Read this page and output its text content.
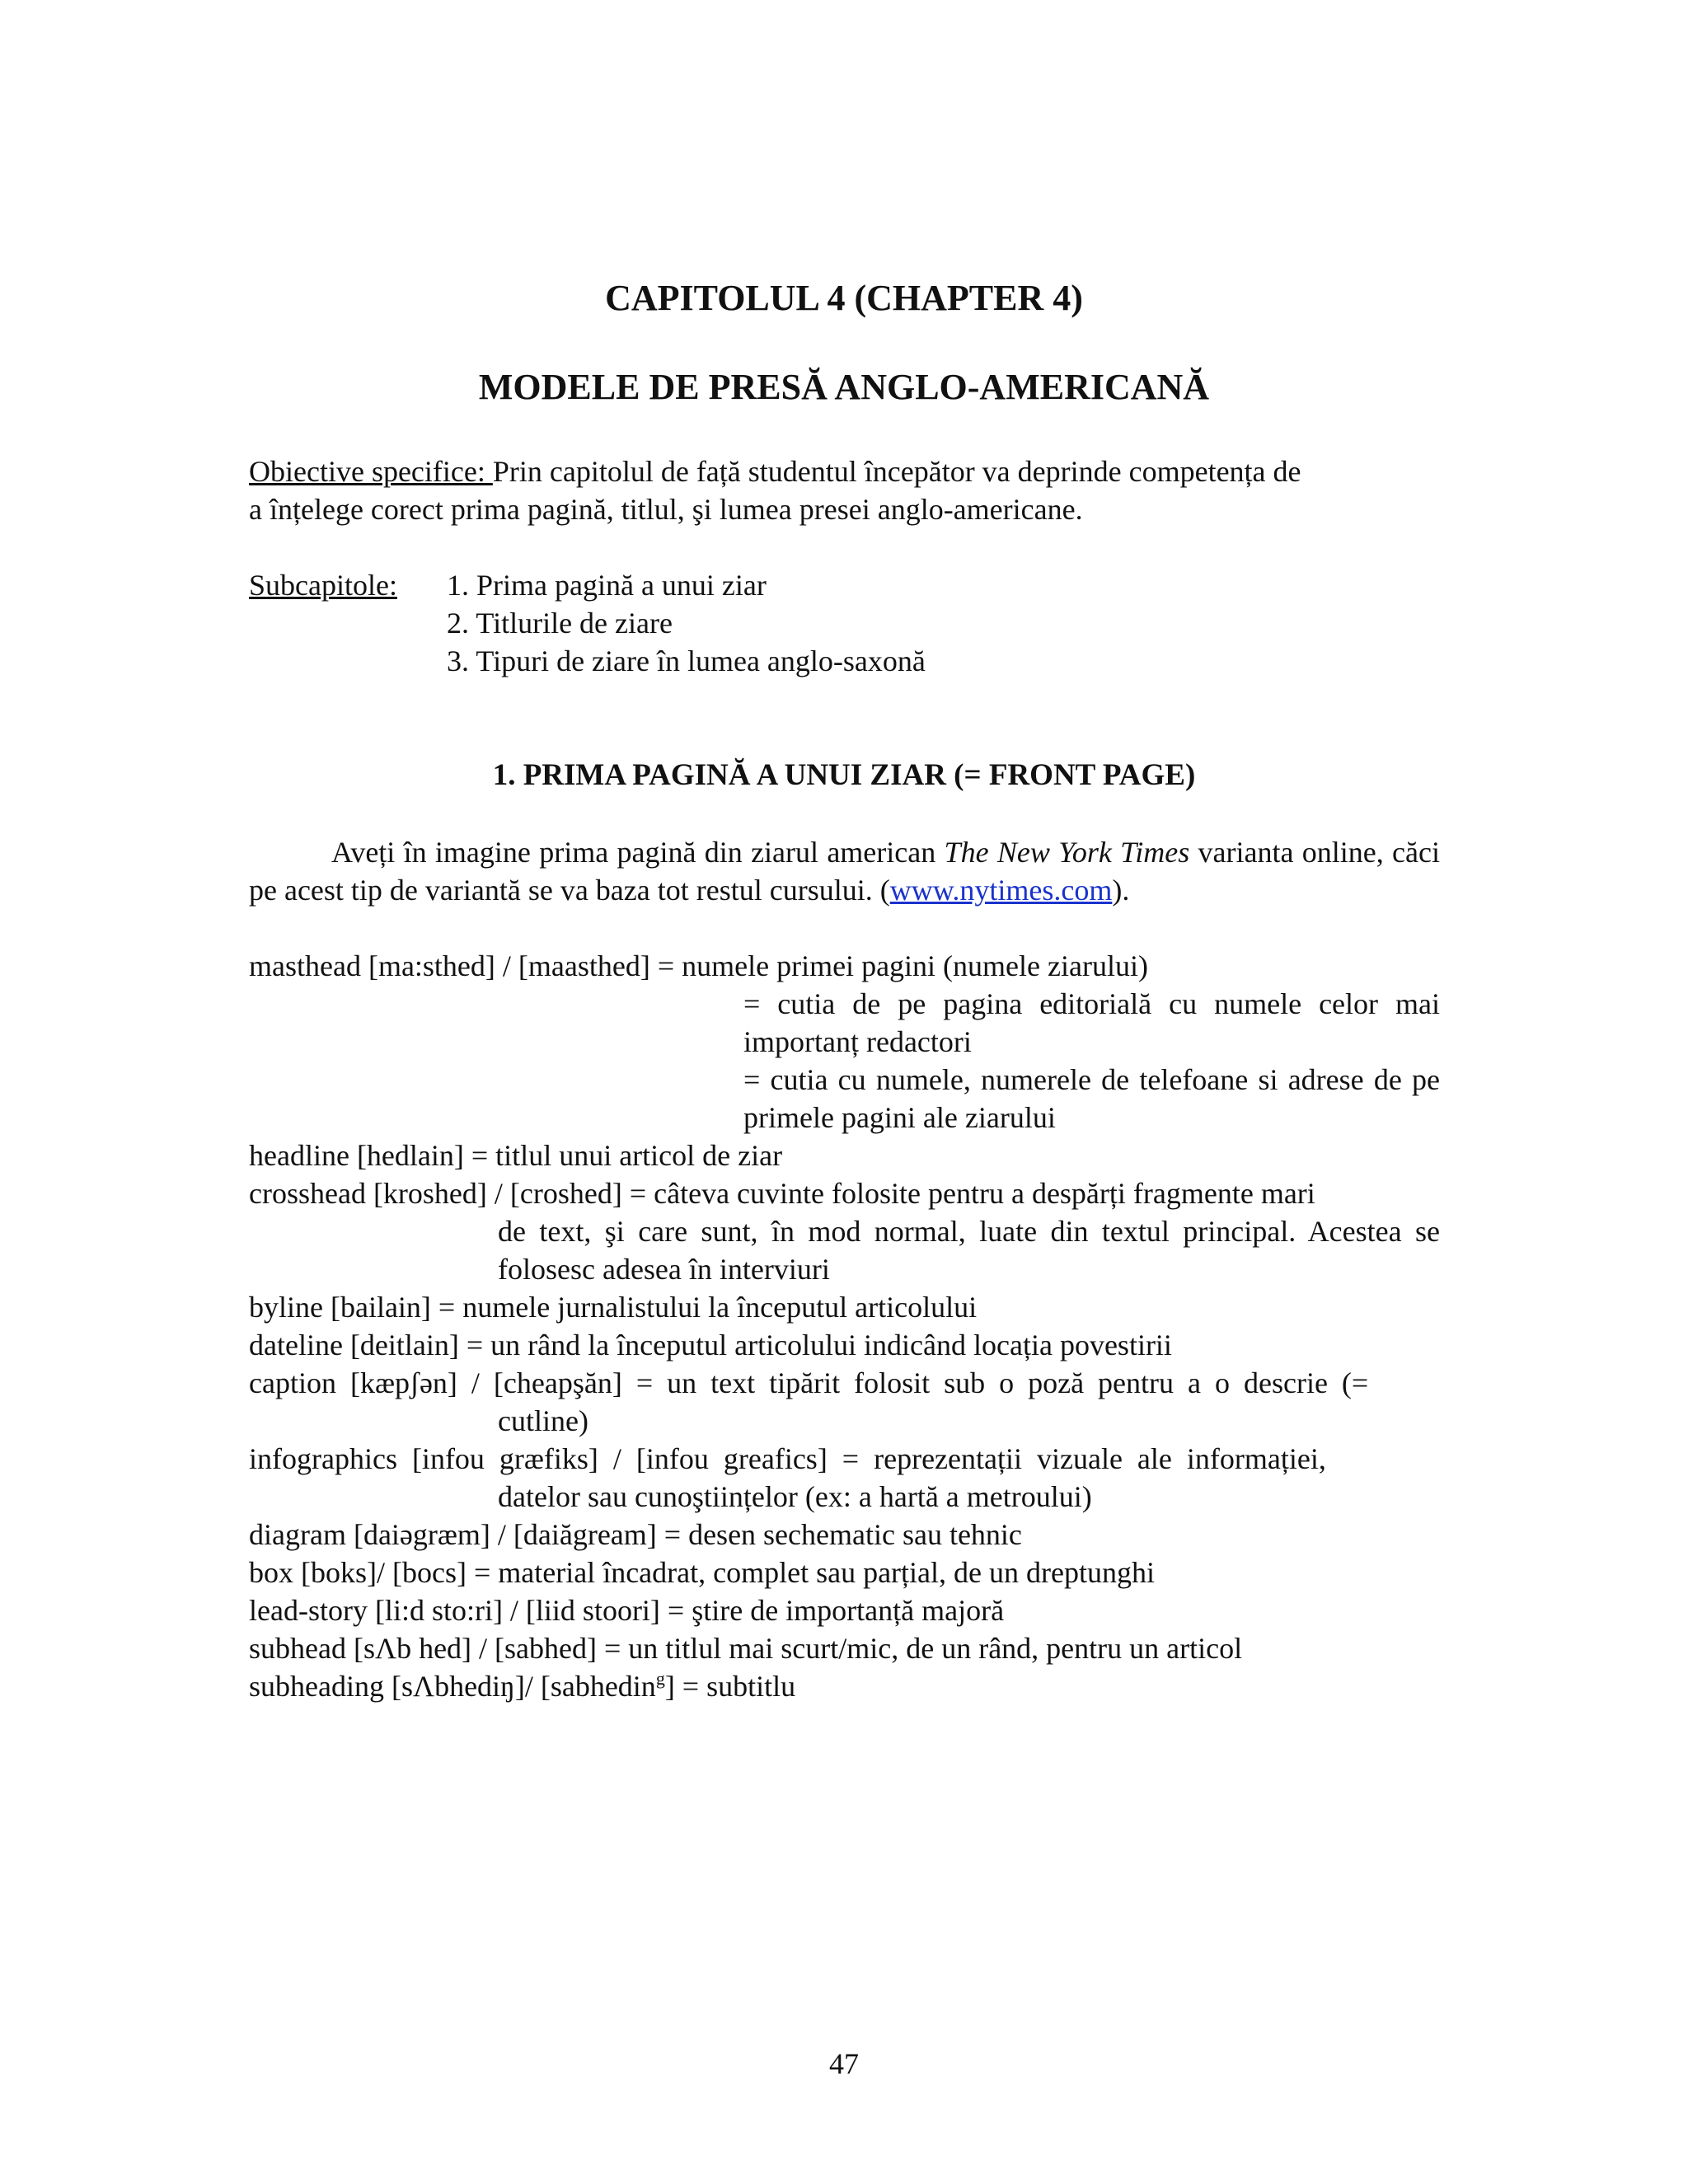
CAPITOLUL 4 (CHAPTER 4)
MODELE DE PRESĂ ANGLO-AMERICANĂ

Obiective specifice: Prin capitolul de față studentul începător va deprinde competența de
a înțelege corect prima pagină, titlul, şi lumea presei anglo-americane.

Subcapitole: 1. Prima pagină a unui ziar
2. Titlurile de ziare
3. Tipuri de ziare în lumea anglo-saxonă
1. PRIMA PAGINĂ A UNUI ZIAR (= FRONT PAGE)

Aveți în imagine prima pagină din ziarul american The New York Times varianta online, căci pe acest tip de variantă se va baza tot restul cursului. (www.nytimes.com).

masthead [ma:sthed] / [maasthed] = numele primei pagini (numele ziarului)
= cutia de pe pagina editorială cu numele celor mai importanț redactori
= cutia cu numele, numerele de telefoane si adrese de pe primele pagini ale ziarului
headline [hedlain] = titlul unui articol de ziar
crosshead [kroshed] / [croshed] = câteva cuvinte folosite pentru a despărți fragmente mari
de text, şi care sunt, în mod normal, luate din textul principal. Acestea se folosesc adesea în interviuri
byline [bailain] = numele jurnalistului la începutul articolului
dateline [deitlain] = un rând la începutul articolului indicând locația povestirii
caption [kæpʃən] / [cheapşăn] = un text tipărit folosit sub o poză pentru a o descrie (=
cutline)
infographics [infou græfiks] / [infou greafics] = reprezentații vizuale ale informației,
datelor sau cunoştiințelor (ex: a hartă a metroului)
diagram [daiəgræm] / [daiăgream] = desen sechematic sau tehnic
box [boks]/ [bocs] = material încadrat, complet sau parțial, de un dreptunghi
lead-story [li:d sto:ri] / [liid stoori] = ştire de importanță majoră
subhead [sΛb hed] / [sabhed] = un titlul mai scurt/mic, de un rând, pentru un articol
subheading [sΛbhediŋ]/ [sabhedin$^g$] = subtitlu
47
